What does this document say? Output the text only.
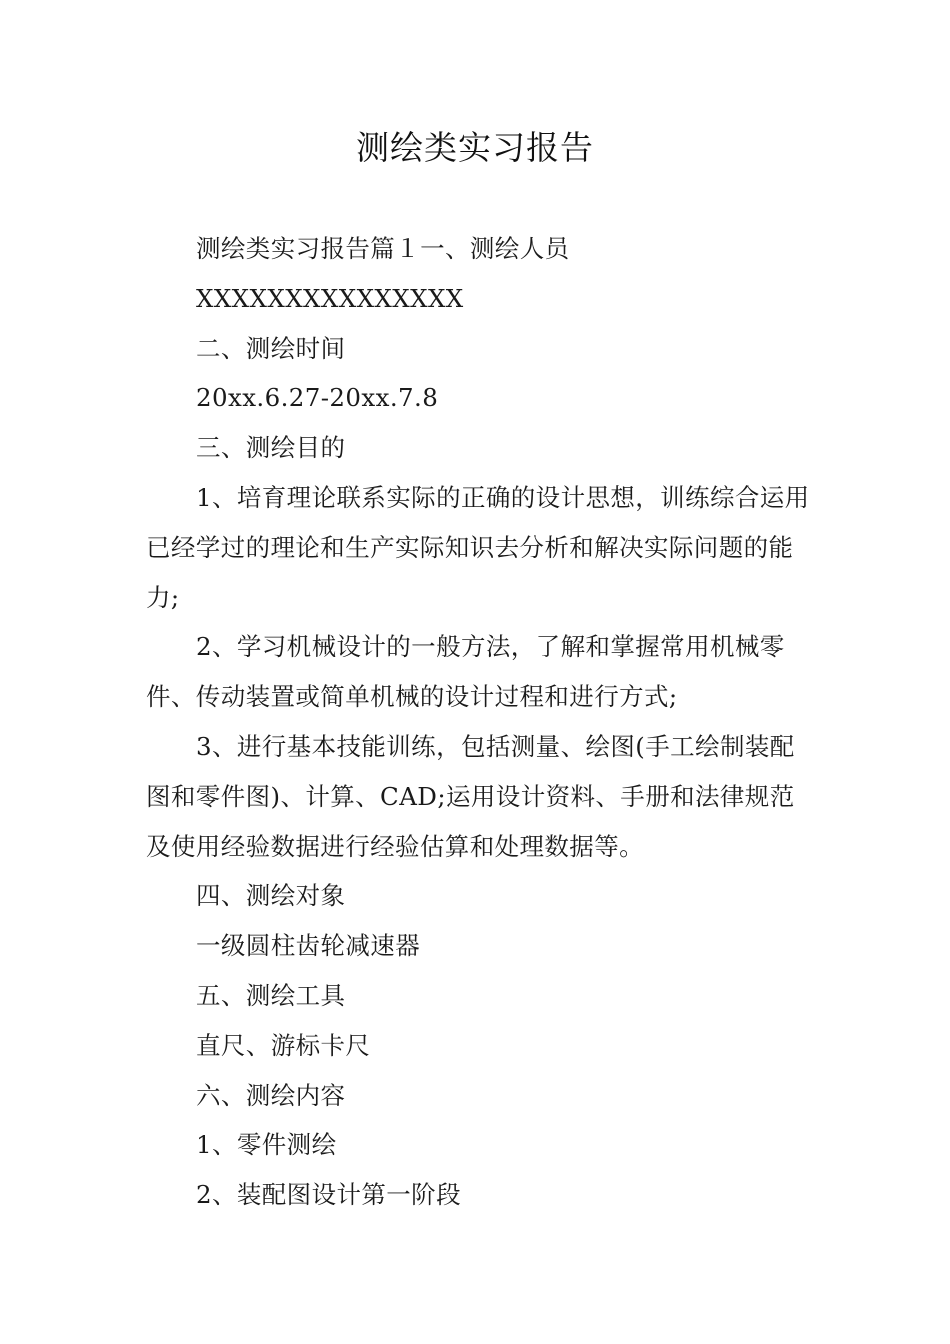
测绘类实习报告

测绘类实习报告篇１一、测绘人员

XXXXXXXXXXXXXXX

二、测绘时间

20xx.6.27-20xx.7.8

三、测绘目的

1、培育理论联系实际的正确的设计思想，训练综合运用已经学过的理论和生产实际知识去分析和解决实际问题的能力;

2、学习机械设计的一般方法，了解和掌握常用机械零件、传动装置或简单机械的设计过程和进行方式;

3、进行基本技能训练，包括测量、绘图(手工绘制装配图和零件图)、计算、CAD;运用设计资料、手册和法律规范及使用经验数据进行经验估算和处理数据等。

四、测绘对象

一级圆柱齿轮减速器

五、测绘工具

直尺、游标卡尺

六、测绘内容

1、零件测绘

2、装配图设计第一阶段
